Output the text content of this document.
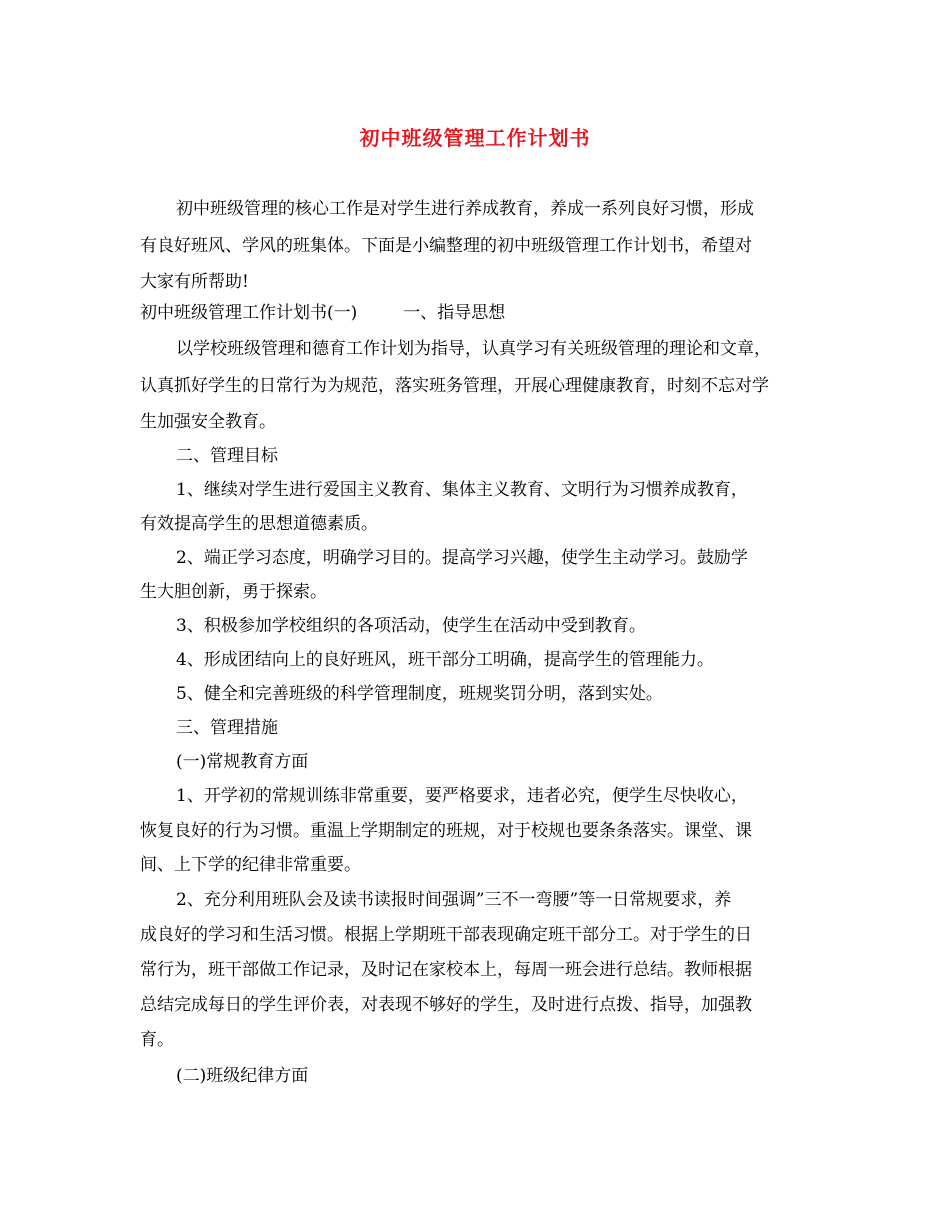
初中班级管理工作计划书
初中班级管理的核心工作是对学生进行养成教育，养成一系列良好习惯，形成
有良好班风、学风的班集体。下面是小编整理的初中班级管理工作计划书，希望对
大家有所帮助!
初中班级管理工作计划书(一)	一、指导思想
以学校班级管理和德育工作计划为指导，认真学习有关班级管理的理论和文章，
认真抓好学生的日常行为为规范，落实班务管理，开展心理健康教育，时刻不忘对学
生加强安全教育。
二、管理目标
1、继续对学生进行爱国主义教育、集体主义教育、文明行为习惯养成教育，
有效提高学生的思想道德素质。
2、端正学习态度，明确学习目的。提高学习兴趣，使学生主动学习。鼓励学
生大胆创新，勇于探索。
3、积极参加学校组织的各项活动，使学生在活动中受到教育。
4、形成团结向上的良好班风，班干部分工明确，提高学生的管理能力。
5、健全和完善班级的科学管理制度，班规奖罚分明，落到实处。
三、管理措施
(一)常规教育方面
1、开学初的常规训练非常重要，要严格要求，违者必究，便学生尽快收心，
恢复良好的行为习惯。重温上学期制定的班规，对于校规也要条条落实。课堂、课
间、上下学的纪律非常重要。
2、充分利用班队会及读书读报时间强调”三不一弯腰”等一日常规要求，养
成良好的学习和生活习惯。根据上学期班干部表现确定班干部分工。对于学生的日
常行为，班干部做工作记录，及时记在家校本上，每周一班会进行总结。教师根据
总结完成每日的学生评价表，对表现不够好的学生，及时进行点拨、指导，加强教
育。
(二)班级纪律方面
